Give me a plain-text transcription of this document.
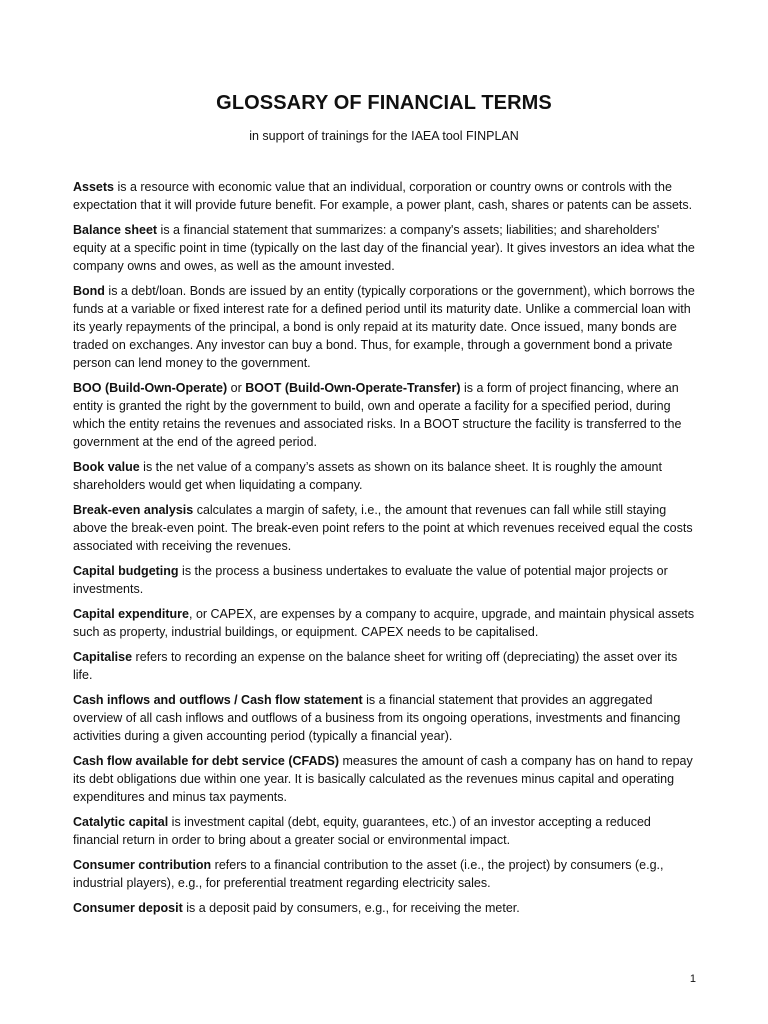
GLOSSARY OF FINANCIAL TERMS
in support of trainings for the IAEA tool FINPLAN

Assets is a resource with economic value that an individual, corporation or country owns or controls with the expectation that it will provide future benefit. For example, a power plant, cash, shares or patents can be assets.

Balance sheet is a financial statement that summarizes: a company's assets; liabilities; and shareholders' equity at a specific point in time (typically on the last day of the financial year). It gives investors an idea what the company owns and owes, as well as the amount invested.

Bond is a debt/loan. Bonds are issued by an entity (typically corporations or the government), which borrows the funds at a variable or fixed interest rate for a defined period until its maturity date. Unlike a commercial loan with its yearly repayments of the principal, a bond is only repaid at its maturity date. Once issued, many bonds are traded on exchanges. Any investor can buy a bond. Thus, for example, through a government bond a private person can lend money to the government.

BOO (Build-Own-Operate) or BOOT (Build-Own-Operate-Transfer) is a form of project financing, where an entity is granted the right by the government to build, own and operate a facility for a specified period, during which the entity retains the revenues and associated risks. In a BOOT structure the facility is transferred to the government at the end of the agreed period.

Book value is the net value of a company’s assets as shown on its balance sheet. It is roughly the amount shareholders would get when liquidating a company.

Break-even analysis calculates a margin of safety, i.e., the amount that revenues can fall while still staying above the break-even point. The break-even point refers to the point at which revenues received equal the costs associated with receiving the revenues.

Capital budgeting is the process a business undertakes to evaluate the value of potential major projects or investments.

Capital expenditure, or CAPEX, are expenses by a company to acquire, upgrade, and maintain physical assets such as property, industrial buildings, or equipment. CAPEX needs to be capitalised.

Capitalise refers to recording an expense on the balance sheet for writing off (depreciating) the asset over its life.

Cash inflows and outflows / Cash flow statement is a financial statement that provides an aggregated overview of all cash inflows and outflows of a business from its ongoing operations, investments and financing activities during a given accounting period (typically a financial year).

Cash flow available for debt service (CFADS) measures the amount of cash a company has on hand to repay its debt obligations due within one year. It is basically calculated as the revenues minus capital and operating expenditures and minus tax payments.

Catalytic capital is investment capital (debt, equity, guarantees, etc.) of an investor accepting a reduced financial return in order to bring about a greater social or environmental impact.

Consumer contribution refers to a financial contribution to the asset (i.e., the project) by consumers (e.g., industrial players), e.g., for preferential treatment regarding electricity sales.

Consumer deposit is a deposit paid by consumers, e.g., for receiving the meter.

1
